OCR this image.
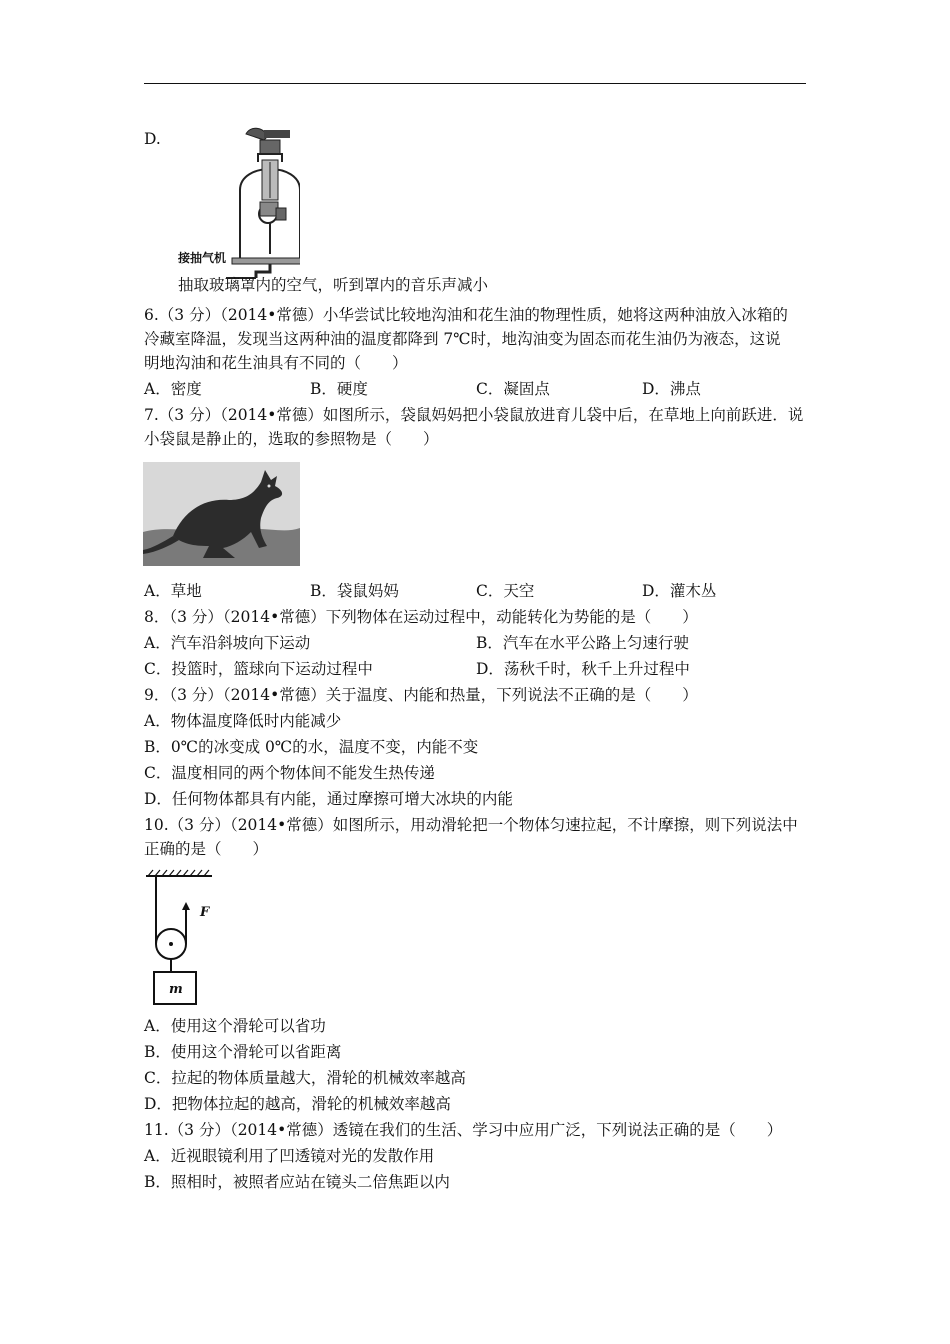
D.
接抽气机
抽取玻璃罩内的空气，听到罩内的音乐声减小
6.（3 分）（2014•常德）小华尝试比较地沟油和花生油的物理性质，她将这两种油放入冰箱的
冷藏室降温，发现当这两种油的温度都降到 7℃时，地沟油变为固态而花生油仍为液态，这说
明地沟油和花生油具有不同的（　　）
A．密度	B．硬度	C．凝固点	D．沸点
7.（3 分）（2014•常德）如图所示，袋鼠妈妈把小袋鼠放进育儿袋中后，在草地上向前跃进．说
小袋鼠是静止的，选取的参照物是（　　）
A．草地	B．袋鼠妈妈	C．天空	D．灌木丛
8．（3 分）（2014•常德）下列物体在运动过程中，动能转化为势能的是（　　）
A．汽车沿斜坡向下运动	B．汽车在水平公路上匀速行驶
C．投篮时，篮球向下运动过程中	D．荡秋千时，秋千上升过程中
9．（3 分）（2014•常德）关于温度、内能和热量，下列说法不正确的是（　　）
A．物体温度降低时内能减少
B．0℃的冰变成 0℃的水，温度不变，内能不变
C．温度相同的两个物体间不能发生热传递
D．任何物体都具有内能，通过摩擦可增大冰块的内能
10.（3 分）（2014•常德）如图所示，用动滑轮把一个物体匀速拉起，不计摩擦，则下列说法中
正确的是（　　）
F
m
A．使用这个滑轮可以省功
B．使用这个滑轮可以省距离
C．拉起的物体质量越大，滑轮的机械效率越高
D．把物体拉起的越高，滑轮的机械效率越高
11.（3 分）（2014•常德）透镜在我们的生活、学习中应用广泛，下列说法正确的是（　　）
A．近视眼镜利用了凹透镜对光的发散作用
B．照相时，被照者应站在镜头二倍焦距以内
